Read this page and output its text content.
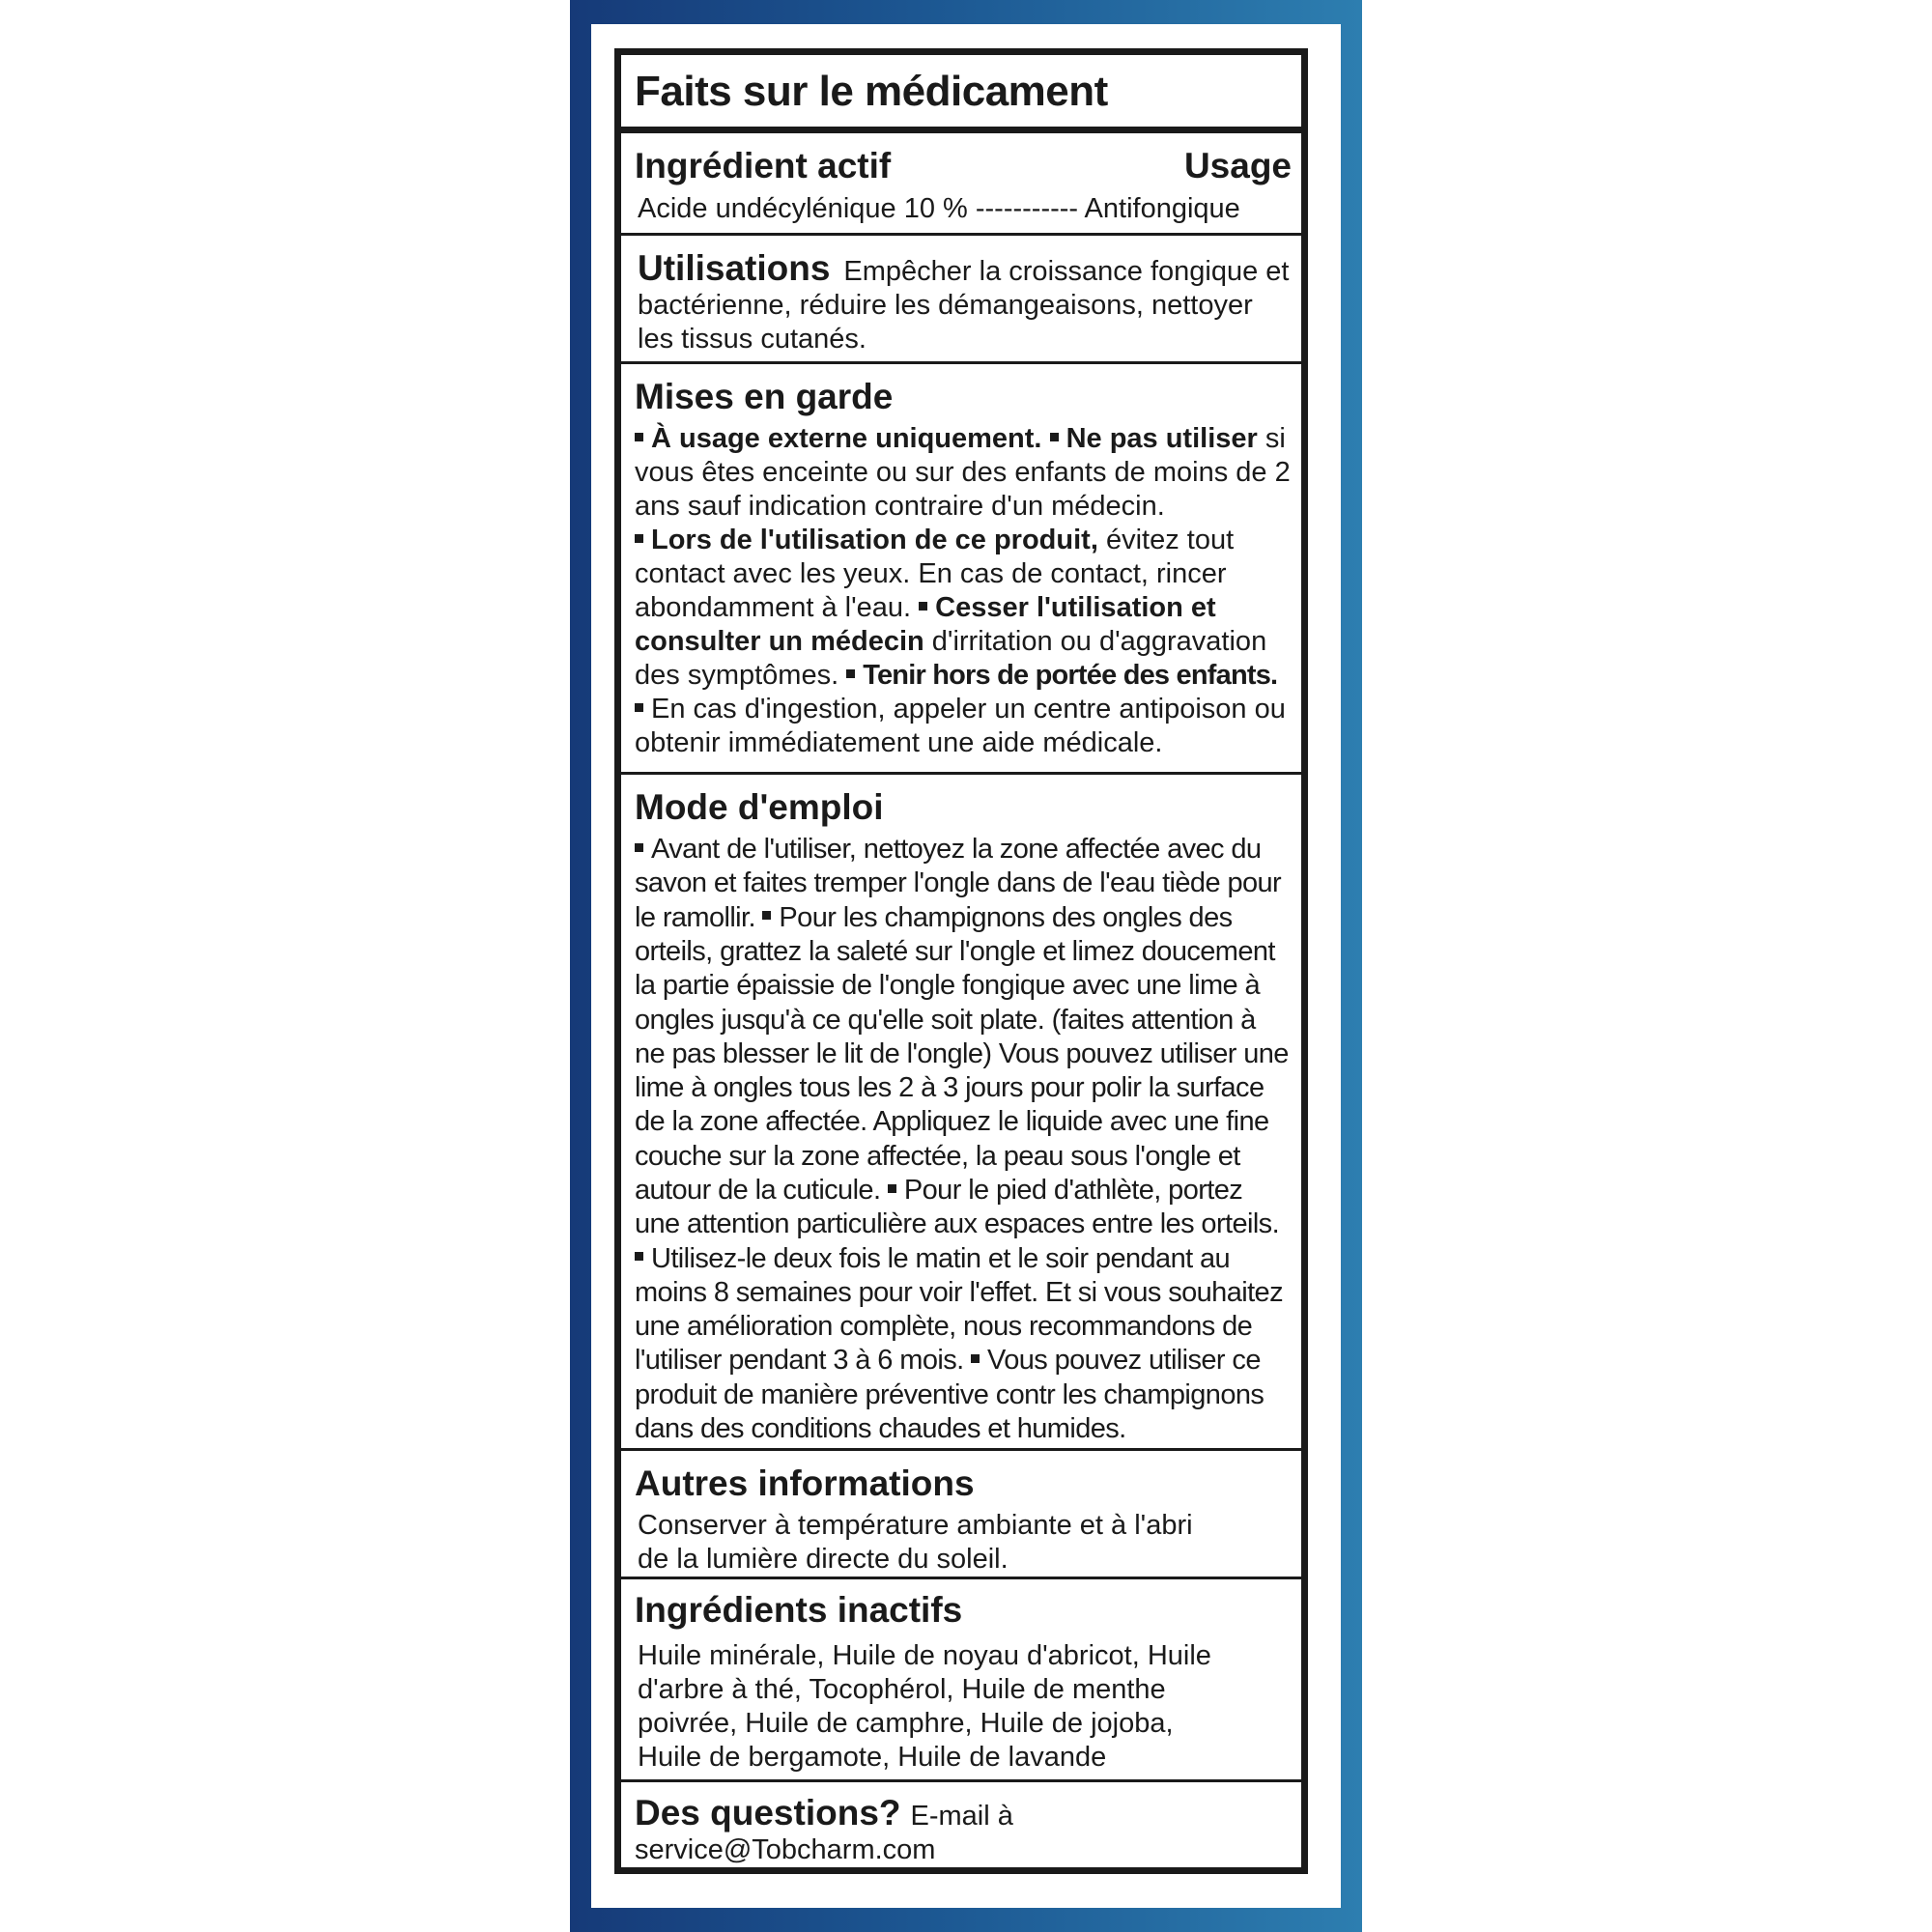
Faits sur le médicament
Ingrédient actif	Usage
Acide undécylénique 10 % ----------- Antifongique
Utilisations Empêcher la croissance fongique et bactérienne, réduire les démangeaisons, nettoyer les tissus cutanés.
Mises en garde
À usage externe uniquement. Ne pas utiliser si vous êtes enceinte ou sur des enfants de moins de 2 ans sauf indication contraire d'un médecin.
Lors de l'utilisation de ce produit, évitez tout contact avec les yeux. En cas de contact, rincer abondamment à l'eau. Cesser l'utilisation et consulter un médecin d'irritation ou d'aggravation des symptômes. Tenir hors de portée des enfants.
En cas d'ingestion, appeler un centre antipoison ou obtenir immédiatement une aide médicale.
Mode d'emploi
Avant de l'utiliser, nettoyez la zone affectée avec du savon et faites tremper l'ongle dans de l'eau tiède pour le ramollir. Pour les champignons des ongles des orteils, grattez la saleté sur l'ongle et limez doucement la partie épaissie de l'ongle fongique avec une lime à ongles jusqu'à ce qu'elle soit plate. (faites attention à ne pas blesser le lit de l'ongle) Vous pouvez utiliser une lime à ongles tous les 2 à 3 jours pour polir la surface de la zone affectée. Appliquez le liquide avec une fine couche sur la zone affectée, la peau sous l'ongle et autour de la cuticule. Pour le pied d'athlète, portez une attention particulière aux espaces entre les orteils.
Utilisez-le deux fois le matin et le soir pendant au moins 8 semaines pour voir l'effet. Et si vous souhaitez une amélioration complète, nous recommandons de l'utiliser pendant 3 à 6 mois. Vous pouvez utiliser ce produit de manière préventive contr les champignons dans des conditions chaudes et humides.
Autres informations
Conserver à température ambiante et à l'abri
de la lumière directe du soleil.
Ingrédients inactifs
Huile minérale, Huile de noyau d'abricot, Huile
d'arbre à thé, Tocophérol, Huile de menthe
poivrée, Huile de camphre, Huile de jojoba,
Huile de bergamote, Huile de lavande
Des questions? E-mail à service@Tobcharm.com
